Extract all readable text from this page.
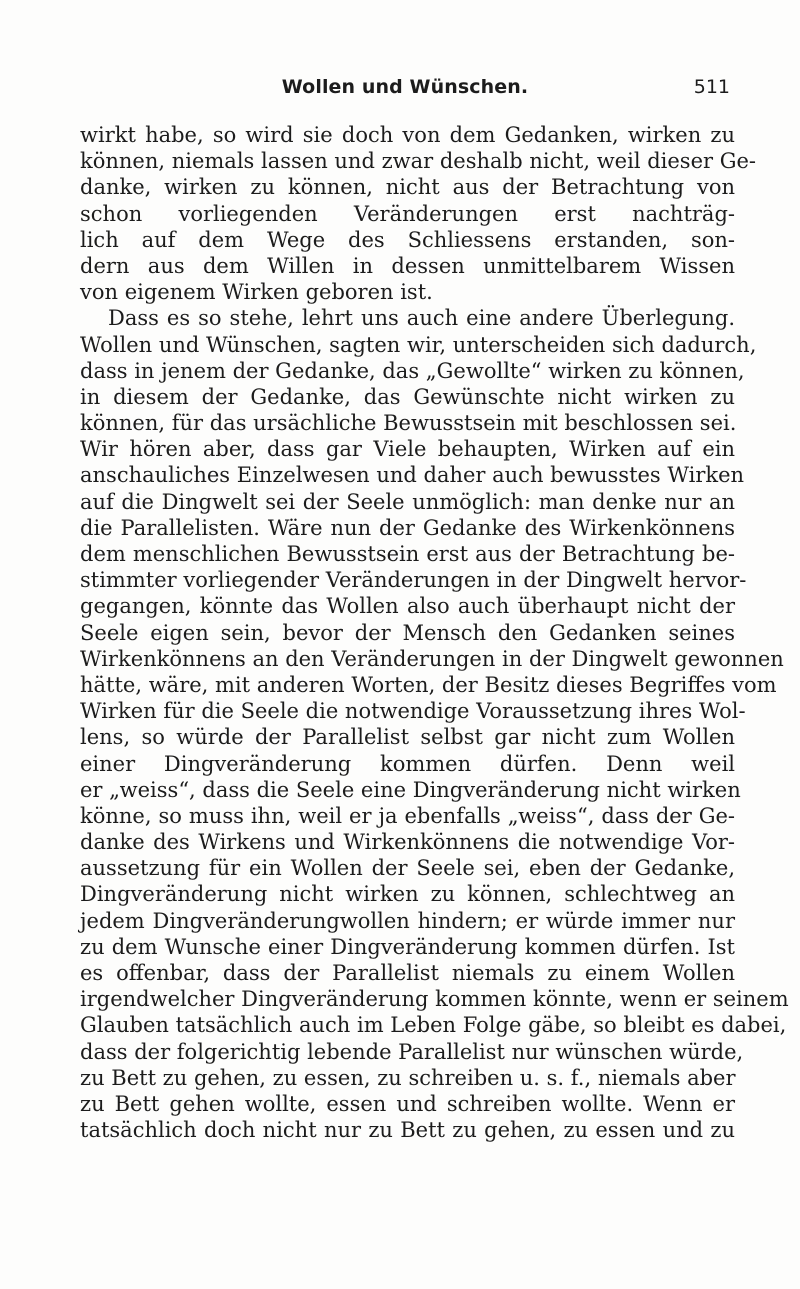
Wollen und Wünschen.	511
wirkt habe, so wird sie doch von dem Gedanken, wirken zu
können, niemals lassen und zwar deshalb nicht, weil dieser Ge-
danke, wirken zu können, nicht aus der Betrachtung von
schon vorliegenden Veränderungen erst nachträg-
lich auf dem Wege des Schliessens erstanden, son-
dern aus dem Willen in dessen unmittelbarem Wissen
von eigenem Wirken geboren ist.
Dass es so stehe, lehrt uns auch eine andere Überlegung.
Wollen und Wünschen, sagten wir, unterscheiden sich dadurch,
dass in jenem der Gedanke, das „Gewollte“ wirken zu können,
in diesem der Gedanke, das Gewünschte nicht wirken zu
können, für das ursächliche Bewusstsein mit beschlossen sei.
Wir hören aber, dass gar Viele behaupten, Wirken auf ein
anschauliches Einzelwesen und daher auch bewusstes Wirken
auf die Dingwelt sei der Seele unmöglich: man denke nur an
die Parallelisten. Wäre nun der Gedanke des Wirkenkönnens
dem menschlichen Bewusstsein erst aus der Betrachtung be-
stimmter vorliegender Veränderungen in der Dingwelt hervor-
gegangen, könnte das Wollen also auch überhaupt nicht der
Seele eigen sein, bevor der Mensch den Gedanken seines
Wirkenkönnens an den Veränderungen in der Dingwelt gewonnen
hätte, wäre, mit anderen Worten, der Besitz dieses Begriffes vom
Wirken für die Seele die notwendige Voraussetzung ihres Wol-
lens, so würde der Parallelist selbst gar nicht zum Wollen
einer Dingveränderung kommen dürfen. Denn weil
er „weiss“, dass die Seele eine Dingveränderung nicht wirken
könne, so muss ihn, weil er ja ebenfalls „weiss“, dass der Ge-
danke des Wirkens und Wirkenkönnens die notwendige Vor-
aussetzung für ein Wollen der Seele sei, eben der Gedanke,
Dingveränderung nicht wirken zu können, schlechtweg an
jedem Dingveränderungwollen hindern; er würde immer nur
zu dem Wunsche einer Dingveränderung kommen dürfen. Ist
es offenbar, dass der Parallelist niemals zu einem Wollen
irgendwelcher Dingveränderung kommen könnte, wenn er seinem
Glauben tatsächlich auch im Leben Folge gäbe, so bleibt es dabei,
dass der folgerichtig lebende Parallelist nur wünschen würde,
zu Bett zu gehen, zu essen, zu schreiben u. s. f., niemals aber
zu Bett gehen wollte, essen und schreiben wollte. Wenn er
tatsächlich doch nicht nur zu Bett zu gehen, zu essen und zu
